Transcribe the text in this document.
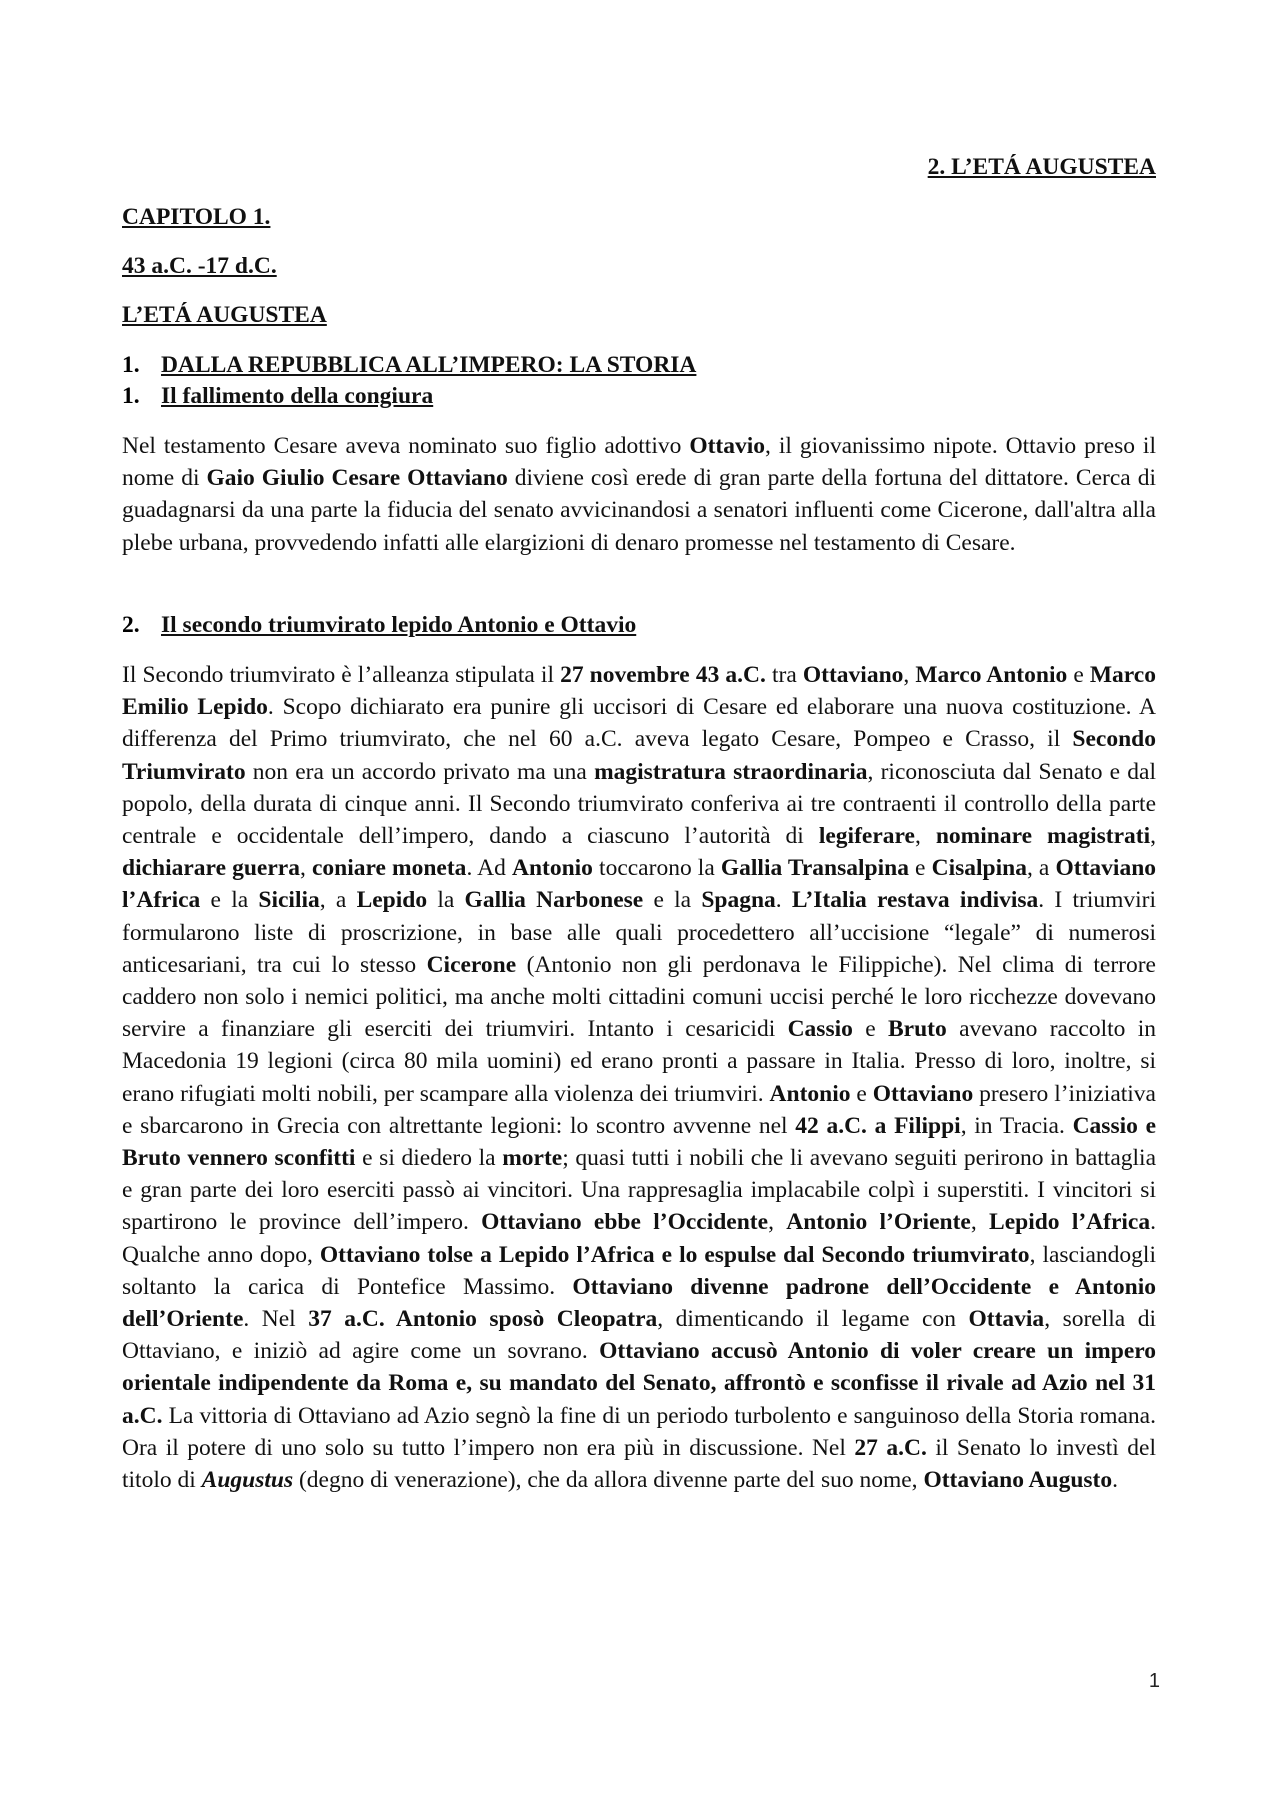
2. L’ETÁ AUGUSTEA
CAPITOLO 1.
43 a.C. -17 d.C.
L’ETÁ AUGUSTEA
1. DALLA REPUBBLICA ALL’IMPERO: LA STORIA
1. Il fallimento della congiura
Nel testamento Cesare aveva nominato suo figlio adottivo Ottavio, il giovanissimo nipote. Ottavio preso il nome di Gaio Giulio Cesare Ottaviano diviene così erede di gran parte della fortuna del dittatore. Cerca di guadagnarsi da una parte la fiducia del senato avvicinandosi a senatori influenti come Cicerone, dall'altra alla plebe urbana, provvedendo infatti alle elargizioni di denaro promesse nel testamento di Cesare.
2. Il secondo triumvirato lepido Antonio e Ottavio
Il Secondo triumvirato è l’alleanza stipulata il 27 novembre 43 a.C. tra Ottaviano, Marco Antonio e Marco Emilio Lepido. Scopo dichiarato era punire gli uccisori di Cesare ed elaborare una nuova costituzione. A differenza del Primo triumvirato, che nel 60 a.C. aveva legato Cesare, Pompeo e Crasso, il Secondo Triumvirato non era un accordo privato ma una magistratura straordinaria, riconosciuta dal Senato e dal popolo, della durata di cinque anni. Il Secondo triumvirato conferiva ai tre contraenti il controllo della parte centrale e occidentale dell’impero, dando a ciascuno l’autorità di legiferare, nominare magistrati, dichiarare guerra, coniare moneta. Ad Antonio toccarono la Gallia Transalpina e Cisalpina, a Ottaviano l’Africa e la Sicilia, a Lepido la Gallia Narbonese e la Spagna. L’Italia restava indivisa. I triumviri formularono liste di proscrizione, in base alle quali procedettero all’uccisione “legale” di numerosi anticesariani, tra cui lo stesso Cicerone (Antonio non gli perdonava le Filippiche). Nel clima di terrore caddero non solo i nemici politici, ma anche molti cittadini comuni uccisi perché le loro ricchezze dovevano servire a finanziare gli eserciti dei triumviri. Intanto i cesaricidi Cassio e Bruto avevano raccolto in Macedonia 19 legioni (circa 80 mila uomini) ed erano pronti a passare in Italia. Presso di loro, inoltre, si erano rifugiati molti nobili, per scampare alla violenza dei triumviri. Antonio e Ottaviano presero l’iniziativa e sbarcarono in Grecia con altrettante legioni: lo scontro avvenne nel 42 a.C. a Filippi, in Tracia. Cassio e Bruto vennero sconfitti e si diedero la morte; quasi tutti i nobili che li avevano seguiti perirono in battaglia e gran parte dei loro eserciti passò ai vincitori. Una rappresaglia implacabile colpì i superstiti. I vincitori si spartirono le province dell’impero. Ottaviano ebbe l’Occidente, Antonio l’Oriente, Lepido l’Africa. Qualche anno dopo, Ottaviano tolse a Lepido l’Africa e lo espulse dal Secondo triumvirato, lasciandogli soltanto la carica di Pontefice Massimo. Ottaviano divenne padrone dell’Occidente e Antonio dell’Oriente. Nel 37 a.C. Antonio sposò Cleopatra, dimenticando il legame con Ottavia, sorella di Ottaviano, e iniziò ad agire come un sovrano. Ottaviano accusò Antonio di voler creare un impero orientale indipendente da Roma e, su mandato del Senato, affrontò e sconfisse il rivale ad Azio nel 31 a.C. La vittoria di Ottaviano ad Azio segnò la fine di un periodo turbolento e sanguinoso della Storia romana. Ora il potere di uno solo su tutto l’impero non era più in discussione. Nel 27 a.C. il Senato lo investì del titolo di Augustus (degno di venerazione), che da allora divenne parte del suo nome, Ottaviano Augusto.
1
